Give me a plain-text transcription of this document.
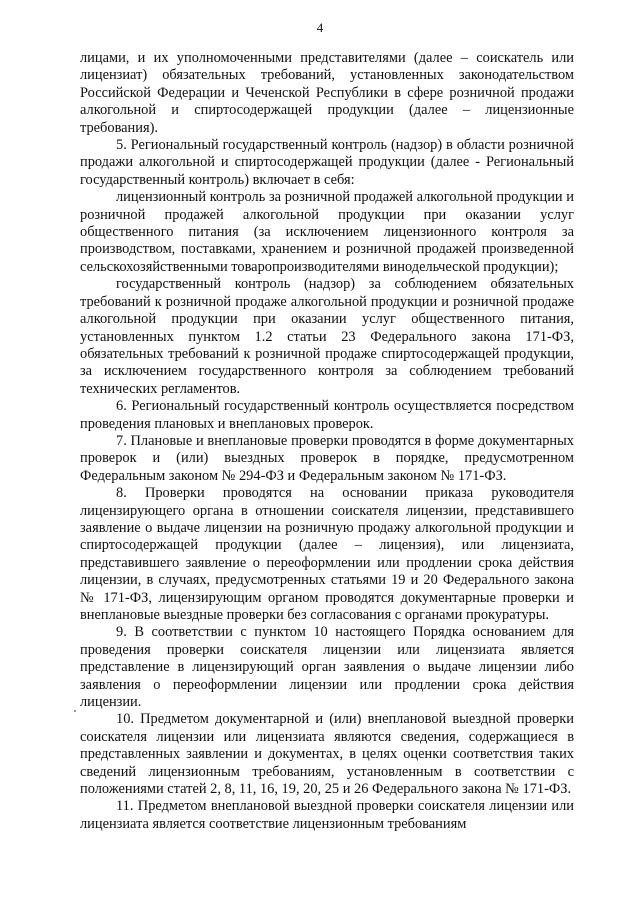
4

лицами, и их уполномоченными представителями (далее – соискатель или лицензиат) обязательных требований, установленных законодательством Российской Федерации и Чеченской Республики в сфере розничной продажи алкогольной и спиртосодержащей продукции (далее – лицензионные требования).

5. Региональный государственный контроль (надзор) в области розничной продажи алкогольной и спиртосодержащей продукции (далее - Региональный государственный контроль) включает в себя:

лицензионный контроль за розничной продажей алкогольной продукции и розничной продажей алкогольной продукции при оказании услуг общественного питания (за исключением лицензионного контроля за производством, поставками, хранением и розничной продажей произведенной сельскохозяйственными товаропроизводителями винодельческой продукции);

государственный контроль (надзор) за соблюдением обязательных требований к розничной продаже алкогольной продукции и розничной продаже алкогольной продукции при оказании услуг общественного питания, установленных пунктом 1.2 статьи 23 Федерального закона 171-ФЗ, обязательных требований к розничной продаже спиртосодержащей продукции, за исключением государственного контроля за соблюдением требований технических регламентов.

6. Региональный государственный контроль осуществляется посредством проведения плановых и внеплановых проверок.

7. Плановые и внеплановые проверки проводятся в форме документарных проверок и (или) выездных проверок в порядке, предусмотренном Федеральным законом № 294-ФЗ и Федеральным законом № 171-ФЗ.

8. Проверки проводятся на основании приказа руководителя лицензирующего органа в отношении соискателя лицензии, представившего заявление о выдаче лицензии на розничную продажу алкогольной продукции и спиртосодержащей продукции (далее – лицензия), или лицензиата, представившего заявление о переоформлении или продлении срока действия лицензии, в случаях, предусмотренных статьями 19 и 20 Федерального закона № 171-ФЗ, лицензирующим органом проводятся документарные проверки и внеплановые выездные проверки без согласования с органами прокуратуры.

9. В соответствии с пунктом 10 настоящего Порядка основанием для проведения проверки соискателя лицензии или лицензиата является представление в лицензирующий орган заявления о выдаче лицензии либо заявления о переоформлении лицензии или продлении срока действия лицензии.

10. Предметом документарной и (или) внеплановой выездной проверки соискателя лицензии или лицензиата являются сведения, содержащиеся в представленных заявлении и документах, в целях оценки соответствия таких сведений лицензионным требованиям, установленным в соответствии с положениями статей 2, 8, 11, 16, 19, 20, 25 и 26 Федерального закона № 171-ФЗ.

11. Предметом внеплановой выездной проверки соискателя лицензии или лицензиата является соответствие лицензионным требованиям
